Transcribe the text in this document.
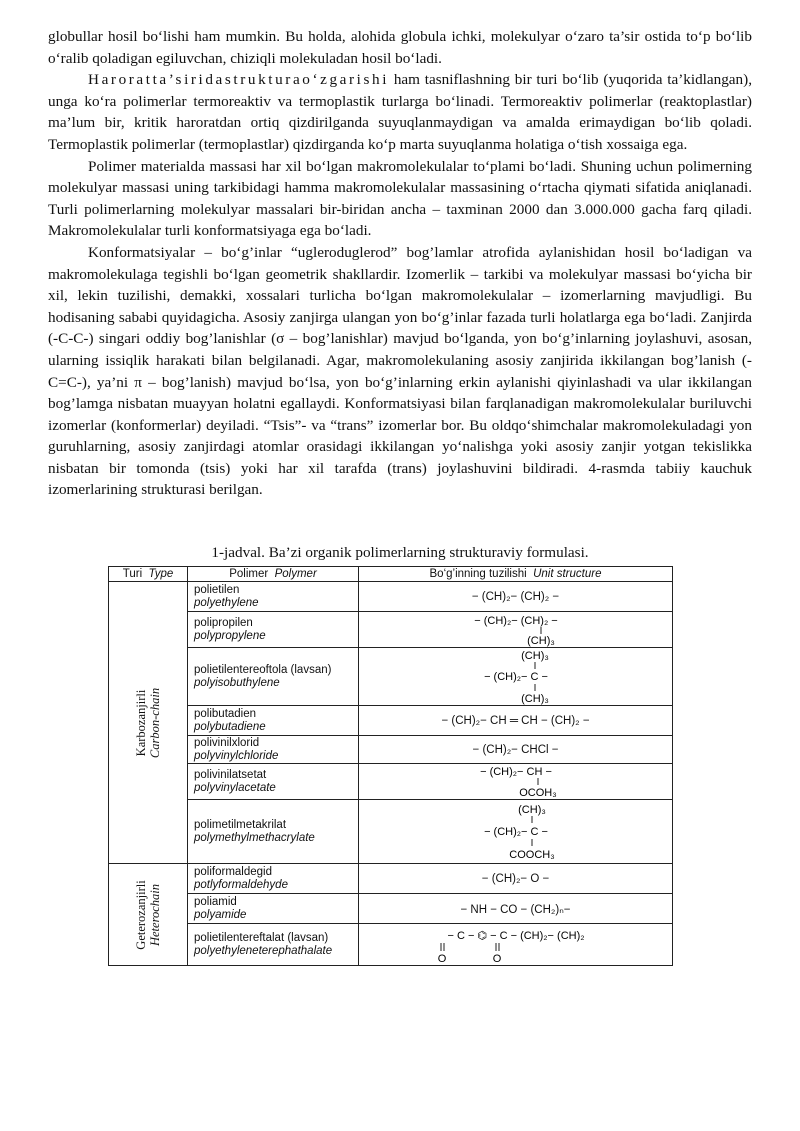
globullar hosil bo‘lishi ham mumkin. Bu holda, alohida globula ichki, molekulyar o‘zaro ta’sir ostida to‘p bo‘lib o‘ralib qoladigan egiluvchan, chiziqli molekuladan hosil bo‘ladi.

Haroratta’siridastrukturao‘zgarishi ham tasniflashning bir turi bo‘lib (yuqorida ta’kidlangan), unga ko‘ra polimerlar termoreaktiv va termoplastik turlarga bo‘linadi. Termoreaktiv polimerlar (reaktoplastlar) ma’lum bir, kritik haroratdan ortiq qizdirilganda suyuqlanmaydigan va amalda erimaydigan bo‘lib qoladi. Termoplastik polimerlar (termoplastlar) qizdirganda ko‘p marta suyuqlanma holatiga o‘tish xossaiga ega.

Polimer materialda massasi har xil bo‘lgan makromolekulalar to‘plami bo‘ladi. Shuning uchun polimerning molekulyar massasi uning tarkibidagi hamma makromolekulalar massasining o‘rtacha qiymati sifatida aniqlanadi. Turli polimerlarning molekulyar massalari bir-biridan ancha – taxminan 2000 dan 3.000.000 gacha farq qiladi. Makromolekulalar turli konformatsiyaga ega bo‘ladi.

Konformatsiyalar – bo‘g’inlar “ugleroduglerod” bog’lamlar atrofida aylanishidan hosil bo‘ladigan va makromolekulaga tegishli bo‘lgan geometrik shakllardir. Izomerlik – tarkibi va molekulyar massasi bo‘yicha bir xil, lekin tuzilishi, demakki, xossalari turlicha bo‘lgan makromolekulalar – izomerlarning mavjudligi. Bu hodisaning sababi quyidagicha. Asosiy zanjirga ulangan yon bo‘g’inlar fazada turli holatlarga ega bo‘ladi. Zanjirda (-C-C-) singari oddiy bog’lanishlar (σ – bog’lanishlar) mavjud bo‘lganda, yon bo‘g’inlarning joylashuvi, asosan, ularning issiqlik harakati bilan belgilanadi. Agar, makromolekulaning asosiy zanjirida ikkilangan bog’lanish (-C=C-), ya’ni π – bog’lanish) mavjud bo‘lsa, yon bo‘g’inlarning erkin aylanishi qiyinlashadi va ular ikkilangan bog’lamga nisbatan muayyan holatni egallaydi. Konformatsiyasi bilan farqlanadigan makromolekulalar buriluvchi izomerlar (konformerlar) deyiladi. “Tsis”- va “trans” izomerlar bor. Bu oldqo‘shimchalar makromolekuladagi yon guruhlarning, asosiy zanjirdagi atomlar orasidagi ikkilangan yo‘nalishga yoki asosiy zanjir yotgan tekislikka nisbatan bir tomonda (tsis) yoki har xil tarafda (trans) joylashuvini bildiradi. 4-rasmda tabiiy kauchuk izomerlarining strukturasi berilgan.

1-jadval. Ba’zi organik polimerlarning strukturaviy formulasi.
Turi Type	Polimer Polymer	Bo‘g’inning tuzilishi Unit structure

Karbozanjirli Carbon-chain	polietilen
polyethylene	− (CH)₂− (CH)₂ −
	polipropilen
polypropylene	− (CH)₂− (CH)₂ −
(CH)₃

	polietilentereoftola (lavsan)
polyisobuthylene	(CH)₃
− (CH)₂− C −
(CH)₃

	polibutadien
polybutadiene	− (CH)₂− CH ═ CH − (CH)₂ −
	polivinilxlorid
polyvinylchloride	− (CH)₂− CHCl −
	polivinilatsetat
polyvinylacetate	− (CH)₂− CH −
OCOH₃

	polimetilmetakrilat
polymethylmethacrylate	(CH)₃
− (CH)₂− C −
COOCH₃

Geterozanjirli Heterochain	poliformaldegid
potlyformaldehyde	− (CH)₂− O −
	poliamid
polyamide	− NH − CO − (CH₂)ₙ−
	polietilentereftalat (lavsan)
polyethyleneterephathalate	− C − ⌬ − C − (CH)₂− (CH)₂
O O
